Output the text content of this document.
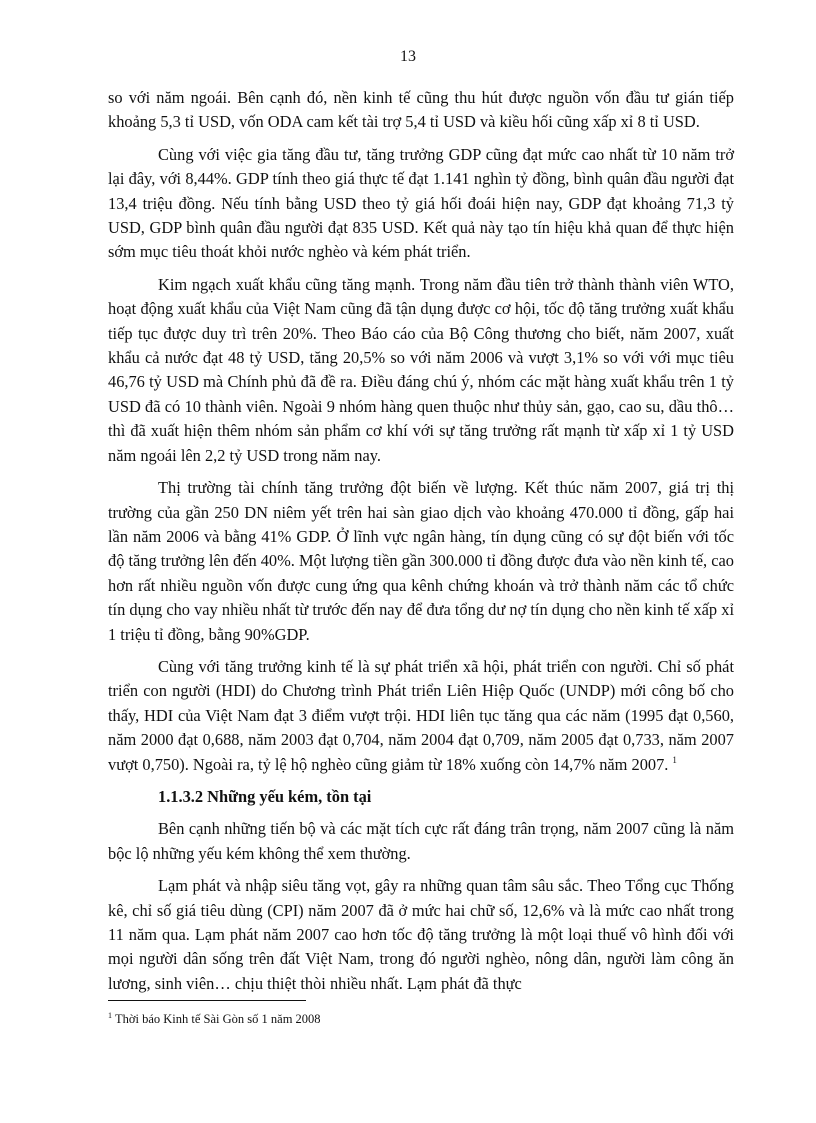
13

so với năm ngoái. Bên cạnh đó, nền kinh tế cũng thu hút được nguồn vốn đầu tư gián tiếp khoảng 5,3 tỉ USD, vốn ODA cam kết tài trợ 5,4 tỉ USD và kiều hối cũng xấp xỉ 8 tỉ USD.

Cùng với việc gia tăng đầu tư, tăng trưởng GDP cũng đạt mức cao nhất từ 10 năm trở lại đây, với 8,44%. GDP tính theo giá thực tế đạt 1.141 nghìn tỷ đồng, bình quân đầu người đạt 13,4 triệu đồng. Nếu tính bằng USD theo tỷ giá hối đoái hiện nay, GDP đạt khoảng 71,3 tỷ USD, GDP bình quân đầu người đạt 835 USD. Kết quả này tạo tín hiệu khả quan để thực hiện sớm mục tiêu thoát khỏi nước nghèo và kém phát triển.

Kim ngạch xuất khẩu cũng tăng mạnh. Trong năm đầu tiên trở thành thành viên WTO, hoạt động xuất khẩu của Việt Nam cũng đã tận dụng được cơ hội, tốc độ tăng trưởng xuất khẩu tiếp tục được duy trì trên 20%. Theo Báo cáo của Bộ Công thương cho biết, năm 2007, xuất khẩu cả nước đạt 48 tỷ USD, tăng 20,5% so với năm 2006 và vượt 3,1% so với với mục tiêu 46,76 tỷ USD mà Chính phủ đã đề ra. Điều đáng chú ý, nhóm các mặt hàng xuất khẩu trên 1 tỷ USD đã có 10 thành viên. Ngoài 9 nhóm hàng quen thuộc như thủy sản, gạo, cao su, dầu thô…thì đã xuất hiện thêm nhóm sản phẩm cơ khí với sự tăng trưởng rất mạnh từ xấp xỉ 1 tỷ USD năm ngoái lên 2,2 tỷ USD trong năm nay.

Thị trường tài chính tăng trưởng đột biến về lượng. Kết thúc năm 2007, giá trị thị trường của gần 250 DN niêm yết trên hai sàn giao dịch vào khoảng 470.000 tỉ đồng, gấp hai lần năm 2006 và bằng 41% GDP. Ở lĩnh vực ngân hàng, tín dụng cũng có sự đột biến với tốc độ tăng trưởng lên đến 40%. Một lượng tiền gần 300.000 tỉ đồng được đưa vào nền kinh tế, cao hơn rất nhiều nguồn vốn được cung ứng qua kênh chứng khoán và trở thành năm các tổ chức tín dụng cho vay nhiều nhất từ trước đến nay để đưa tổng dư nợ tín dụng cho nền kinh tế xấp xỉ 1 triệu tỉ đồng, bằng 90%GDP.

Cùng với tăng trưởng kinh tế là sự phát triển xã hội, phát triển con người. Chỉ số phát triển con người (HDI) do Chương trình Phát triển Liên Hiệp Quốc (UNDP) mới công bố cho thấy, HDI của Việt Nam đạt 3 điểm vượt trội. HDI liên tục tăng qua các năm (1995 đạt 0,560, năm 2000 đạt 0,688, năm 2003 đạt 0,704, năm 2004 đạt 0,709, năm 2005 đạt 0,733, năm 2007 vượt 0,750). Ngoài ra, tỷ lệ hộ nghèo cũng giảm từ 18% xuống còn 14,7% năm 2007. $^1$

1.1.3.2 Những yếu kém, tồn tại

Bên cạnh những tiến bộ và các mặt tích cực rất đáng trân trọng, năm 2007 cũng là năm bộc lộ những yếu kém không thể xem thường.

Lạm phát và nhập siêu tăng vọt, gây ra những quan tâm sâu sắc. Theo Tổng cục Thống kê, chỉ số giá tiêu dùng (CPI) năm 2007 đã ở mức hai chữ số, 12,6% và là mức cao nhất trong 11 năm qua. Lạm phát năm 2007 cao hơn tốc độ tăng trưởng là một loại thuế vô hình đối với mọi người dân sống trên đất Việt Nam, trong đó người nghèo, nông dân, người làm công ăn lương, sinh viên… chịu thiệt thòi nhiều nhất. Lạm phát đã thực

$^1$ Thời báo Kinh tế Sài Gòn số 1 năm 2008
